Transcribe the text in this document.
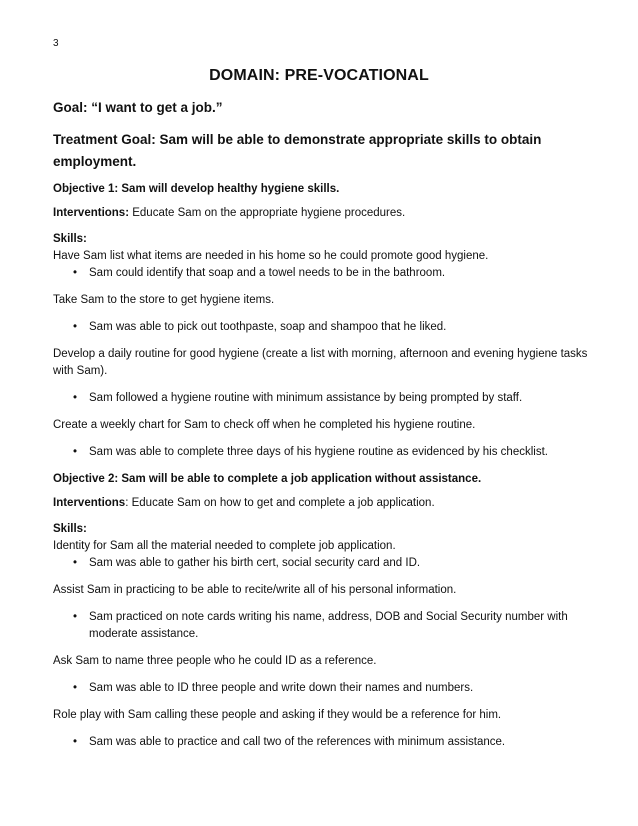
3
DOMAIN: PRE-VOCATIONAL
Goal: “I want to get a job.”
Treatment Goal: Sam will be able to demonstrate appropriate skills to obtain employment.

Objective 1: Sam will develop healthy hygiene skills.

Interventions: Educate Sam on the appropriate hygiene procedures.

Skills:
Have Sam list what items are needed in his home so he could promote good hygiene.
• Sam could identify that soap and a towel needs to be in the bathroom.

Take Sam to the store to get hygiene items.

• Sam was able to pick out toothpaste, soap and shampoo that he liked.

Develop a daily routine for good hygiene (create a list with morning, afternoon and evening hygiene tasks with Sam).

• Sam followed a hygiene routine with minimum assistance by being prompted by staff.

Create a weekly chart for Sam to check off when he completed his hygiene routine.

• Sam was able to complete three days of his hygiene routine as evidenced by his checklist.

Objective 2: Sam will be able to complete a job application without assistance.

Interventions: Educate Sam on how to get and complete a job application.

Skills:
Identity for Sam all the material needed to complete job application.
• Sam was able to gather his birth cert, social security card and ID.

Assist Sam in practicing to be able to recite/write all of his personal information.

• Sam practiced on note cards writing his name, address, DOB and Social Security number with moderate assistance.

Ask Sam to name three people who he could ID as a reference.

• Sam was able to ID three people and write down their names and numbers.

Role play with Sam calling these people and asking if they would be a reference for him.

• Sam was able to practice and call two of the references with minimum assistance.
